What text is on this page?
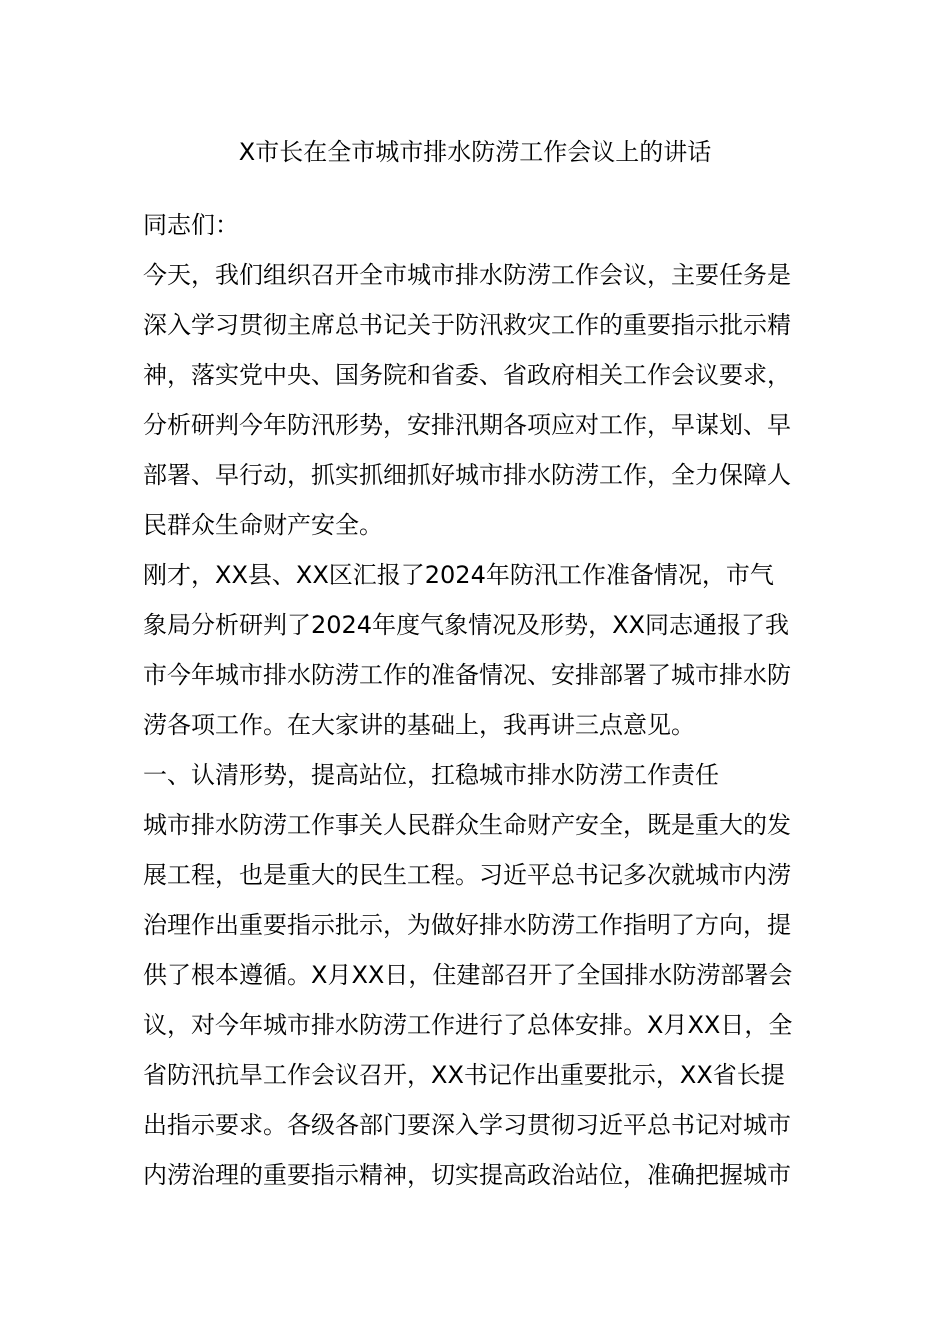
X市长在全市城市排水防涝工作会议上的讲话
同志们：
今天，我们组织召开全市城市排水防涝工作会议，主要任务是
深入学习贯彻主席总书记关于防汛救灾工作的重要指示批示精
神，落实党中央、国务院和省委、省政府相关工作会议要求，
分析研判今年防汛形势，安排汛期各项应对工作，早谋划、早
部署、早行动，抓实抓细抓好城市排水防涝工作，全力保障人
民群众生命财产安全。
刚才，XX县、XX区汇报了2024年防汛工作准备情况，市气
象局分析研判了2024年度气象情况及形势，XX同志通报了我
市今年城市排水防涝工作的准备情况、安排部署了城市排水防
涝各项工作。在大家讲的基础上，我再讲三点意见。
一、认清形势，提高站位，扛稳城市排水防涝工作责任
城市排水防涝工作事关人民群众生命财产安全，既是重大的发
展工程，也是重大的民生工程。习近平总书记多次就城市内涝
治理作出重要指示批示，为做好排水防涝工作指明了方向，提
供了根本遵循。X月XX日，住建部召开了全国排水防涝部署会
议，对今年城市排水防涝工作进行了总体安排。X月XX日，全
省防汛抗旱工作会议召开，XX书记作出重要批示，XX省长提
出指示要求。各级各部门要深入学习贯彻习近平总书记对城市
内涝治理的重要指示精神，切实提高政治站位，准确把握城市
